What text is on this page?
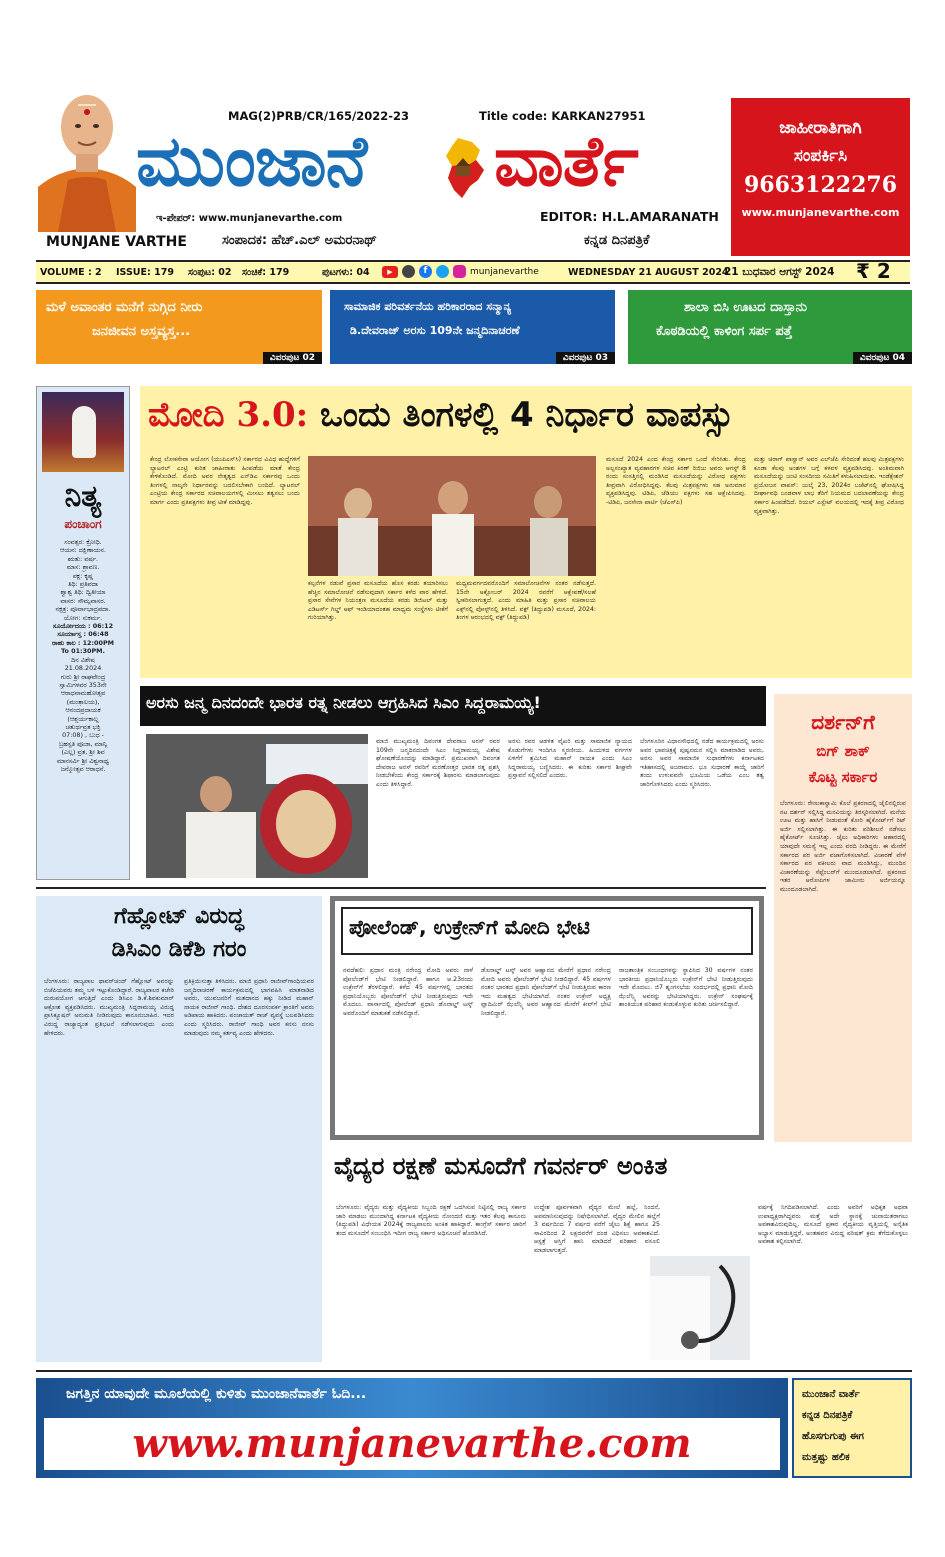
MUNJANE VARTHE
MAG(2)PRB/CR/165/2022-23	Title code: KARKAN27951
ಮುಂಜಾನೆ ವಾರ್ತೆ
ಇ-ಪೇಪರ್: www.munjanevarthe.com	EDITOR: H.L.AMARANATH
ಸಂಪಾದಕ: ಹೆಚ್.ಎಲ್ ಅಮರನಾಥ್	ಕನ್ನಡ ದಿನಪತ್ರಿಕೆ
ಜಾಹೀರಾತಿಗಾಗಿ
ಸಂಪರ್ಕಿಸಿ
9663122276
www.munjanevarthe.com
VOLUME : 2 ISSUE: 179 ಸಂಪುಟ: 02 ಸಂಚಿಕೆ: 179	ಪುಟಗಳು: 04	▶	f	munjanevarthe	WEDNESDAY 21 AUGUST 2024
21 ಬುಧವಾರ ಆಗಸ್ಟ್ 2024 ₹ 2
ಮಳೆ ಅವಾಂತರ ಮನೆಗೆ ನುಗ್ಗಿದ ನೀರು
ಜನಜೀವನ ಅಸ್ತವ್ಯಸ್ತ...
ವಿವರಪುಟ 02
ಸಾಮಾಜಿಕ ಪರಿವರ್ತನೆಯ ಹರಿಕಾರರಾದ ಸನ್ಮಾನ್ಯ
ಡಿ.ದೇವರಾಜ್ ಅರಸು 109ನೇ ಜನ್ಮದಿನಾಚರಣೆ
ವಿವರಪುಟ 03
ಶಾಲಾ ಬಿಸಿ ಊಟದ ದಾಸ್ತಾನು
ಕೊಠಡಿಯಲ್ಲಿ ಕಾಳಿಂಗ ಸರ್ಪ ಪತ್ತೆ
ವಿವರಪುಟ 04
ನಿತ್ಯ
ಪಂಚಾಂಗ
ಸಂವತ್ಸರ: ಕ್ರೋಧಿ.
ಆಯನ: ದಕ್ಷಿಣಾಯನ.
ಋತು: ವರ್ಷ.
ಮಾಸ: ಶ್ರಾವಣ.
ಪಕ್ಷ: ಕೃಷ್ಣ
ತಿಥಿ: ಪ್ರತಿಪದಾ
ಶ್ವಾಶ್ವ ತಿಥಿ: ದ್ವಿತೀಯಾ
ವಾಸರ: ಸೌಮ್ಯವಾಸರ.
ನಕ್ಷತ್ರ: ಪೂರ್ವಾಭಾದ್ರಪದಾ.
ಯೋಗ: ಸುಕರ್ಮ.
ಸೂರ್ಯೋದಯ : 06:12
ಸೂರ್ಯಾಸ್ತ : 06:48
ರಾಹು ಕಾಲ : 12:00PM
To 01:30PM.
ದಿನ ವಿಶೇಷ
21.08.2024
ಗುರು ಶ್ರೀ ರಾಘವೇಂದ್ರ
ಸ್ವಾಮಿಗಳವರ 353ನೇ
ಆರಾಧನಾಮಹೋತ್ಸವ
(ಮಂತ್ರಾಲಯ),
ಆನಂದಪ್ರದಾಯಕ
(ಆಶ್ಚರ್ಯಕಾಲ್ನ
ಚತುರ್ಥವ್ರತ ಭಕ್ತಿ
07:08) , ಬುಧ -
ಬ್ರಹಸ್ಪತಿ ಪೂಜಾ, ಮಾನ್ಯಿ
(ಎಲ್ಲ) ವ್ರತ, ಶ್ರೀ ಶಿವ
ಮಾನಸರ್ವಿ ಶ್ರೀ ವಿಶ್ವನಾಥ್ವ
ಜನ್ಮೋತ್ಸವ ಆರಾಧನೆ.
ಮೋದಿ 3.0: ಒಂದು ತಿಂಗಳಲ್ಲಿ 4 ನಿರ್ಧಾರ ವಾಪಸ್ಸು
ಕೇಂದ್ರ ಲೋಕಸೇವಾ ಆಯೋಗ (ಯುಪಿಎಸ್‌ಸಿ) ಸರ್ಕಾರದ ವಿವಿಧ ಹುದ್ದೆಗಳಿಗೆ ಲ್ಯಾಟರಲ್ ಎಂಟ್ರಿ ಕುರಿತ ಜಾಹೀರಾತು ಹಿಂಪಡೆಯ ಮಾತೆ ಕೇಂದ್ರ ಕೇಳಿಕೊಂಡಿದೆ. ಮೋದಿ ಅವರ ನೇತೃತ್ವದ ಎನ್‌ಡಿಎ ಸರ್ಕಾರವು ಒಂದು ತಿಂಗಳಲ್ಲಿ ನಾಲ್ಕನೇ ನಿರ್ಧಾರವನ್ನು ಬದಲಿಸಬೇಕಾಗಿ ಬಂದಿದೆ. ಲ್ಯಾಟರಲ್ ಎಂಟ್ರಿಯ ಕೇಂದ್ರ ಸರ್ಕಾರದ ಸಚಿವಾಲಯಗಳಲ್ಲಿ ಮೀಸಲು ತತ್ವಸಲು ಬಂದು ಮಾರ್ಗ ಎಂದು ಪ್ರತಿಪಕ್ಷಗಳು ತೀವ್ರ ಟೀಕೆ ಮಾಡಿದ್ದವು.
ಕಲ್ಪನೆಗಳ ನಡುವೆ ಪ್ರಸಾರ ಮಸೂದೆಯ ಹೊಸ ಕರಡು ತಯಾರಿಸಲು ಹೆಚ್ಚಿನ ಸಮಾಲೋಚನೆ ನಡೆಸುವುದಾಗಿ ಸರ್ಕಾರ ಕಳೆದ ವಾರ ಹೇಳಿದೆ. ಪ್ರಸಾರ ಸೇವೆಗಳ ನಿಯಂತ್ರಣ ಮಸೂದೆಯ ಕರಡು ಡಿಜಿಟಲ್ ಮತ್ತು ಎಡಿಟರ್ಸ್ ಗಿಲ್ಡ್ ಆಫ್ ಇಂಡಿಯಾದಂತಹ ಮಾಧ್ಯಮ ಸಂಸ್ಥೆಗಳು ಟೀಕೆಗೆ ಗುರಿಯಾಗಿತ್ತು.
ಮಧ್ಯಮವರ್ಗದವರೊಂದಿಗೆ ಸಮಾಲೋಚನೆಗಳ ನಂತರ ನಡೆಸುತ್ತದೆ. 15ನೇ ಅಕ್ಟೋಬರ್ 2024 ರವರೆಗೆ ಆಕ್ಷೇಪಣೆ/ಸಲಹೆ ಸ್ವೀಕರಿಸಲಾಗುತ್ತದೆ. ಎಂದು ಮಾಹಿತಿ ಮತ್ತು ಪ್ರಸಾರ ಸಚಿವಾಲಯ ಎಕ್ಸ್‌ನಲ್ಲಿ ಪೋಸ್ಟ್‌ನಲ್ಲಿ ತಿಳಿಸಿದೆ. ವಕ್ಫ್ (ತಿದ್ದುಪಡಿ) ಮಸೂದೆ, 2024: ತಿಂಗಳ ಆರಂಭದಲ್ಲಿ ವಕ್ಫ್ (ತಿದ್ದುಪಡಿ)
ಮಸೂದೆ 2024 ಎಂದ ಕೇಂದ್ರ ಸರ್ಕಾರ ಒಂದೆ ಸೇರಿಸಿತು. ಕೇಂದ್ರ ಅಲ್ಪಸಂಖ್ಯಾತ ವ್ಯವಹಾರಗಳ ಸಚಿವ ಕಿರಣ್ ರಿಜಿಜು ಅವರು ಆಗಸ್ಟ್ 8 ರಂದು ಸಂಸತ್ತಿನಲ್ಲಿ ಮಂಡಿಸಿದ ಮಸೂದೆಯನ್ನು ವಿರೋಧ ಪಕ್ಷಗಳು ತೀವ್ರವಾಗಿ ವಿರೋಧಿಸಿದ್ದವು. ಕೆಲವು ಮಿತ್ರಪಕ್ಷಗಳು ಸಹ ಅನುಮಾನ ವ್ಯಕ್ತಪಡಿಸಿದ್ದವು. ಟಿಡಿಪಿ, ಜೆಡಿಯು ಪಕ್ಷಗಳು ಸಹ ಆಕ್ಷೇಪಿಸಿದವು. -ಟಿಡಿಪಿ, ಜನಸೇನಾ ಪಾರ್ಟಿ (ಜೆಎಸ್‌ಪಿ)
ಮತ್ತು ಚಿರಾಗ್ ಪಾಸ್ವಾನ್ ಅವರ ಎಲ್‌ಜೆಪಿ ಸೇರಿದಂತೆ ಹಲವು ಮಿತ್ರಪಕ್ಷಗಳು ಕೂಡಾ ಕೆಲವು ಅಂಶಗಳ ಬಗ್ಗೆ ಕಳವಳ ವ್ಯಕ್ತಪಡಿಸಿದವು. ಅಂತಿಮವಾಗಿ ಮಸೂದೆಯನ್ನು ಜಂಟಿ ಸಂಸದೀಯ ಸಮಿತಿಗೆ ಕಳುಹಿಸಲಾಯಿತು. ಇಂಡೆಕ್ಸೇಶನ್ ಪ್ರಯೋಜನ ವಾಪಸ್: ಜುಲೈ 23, 2024ರ ಬಜೆಟ್‌ನಲ್ಲಿ ಘೋಷಿಸಿದ್ದ ದೀರ್ಘಾವಧಿ ಬಂಡವಾಳ ಲಾಭ ತೆರಿಗೆ ನಿಯಮದ ಬದಲಾವಣೆಯನ್ನು ಕೇಂದ್ರ ಸರ್ಕಾರ ಹಿಂಪಡೆದಿದೆ. ರಿಯಲ್ ಎಸ್ಟೇಟ್ ವಲಯದಲ್ಲಿ ಇದಕ್ಕೆ ತೀವ್ರ ವಿರೋಧ ವ್ಯಕ್ತವಾಗಿತ್ತು.
ಅರಸು ಜನ್ಮ ದಿನದಂದೇ ಭಾರತ ರತ್ನ ನೀಡಲು ಆಗ್ರಹಿಸಿದ ಸಿಎಂ ಸಿದ್ದರಾಮಯ್ಯ!
ಮಾಜಿ ಮುಖ್ಯಮಂತ್ರಿ ದಿವಂಗತ ದೇವರಾಜ ಅರಸ್ ರವರ 109ನೇ ಜನ್ಮದಿನದಂದೇ ಸಿಎಂ ಸಿದ್ದರಾಮಯ್ಯ ವಿಶೇಷ ಘೋಷಣೆಯೊಂದನ್ನು ಮಾಡಿದ್ದಾರೆ. ಪ್ರಮುಖವಾಗಿ ದಿವಂಗತ ದೇವರಾಜ ಅರಸ್ ರವರಿಗೆ ಮರಣೋತ್ತರ ಭಾರತ ರತ್ನ ಪ್ರಶಸ್ತಿ ನೀಡಬೇಕೆಂದು ಕೇಂದ್ರ ಸರ್ಕಾರಕ್ಕೆ ಶಿಫಾರಸು ಮಾಡಲಾಗುವುದು ಎಂದು ತಿಳಿಸಿದ್ದಾರೆ.
ಅರಸು ರವರ ಆಡಳಿತ ವೈಖರಿ ಮತ್ತು ಸಾಮಾಜಿಕ ನ್ಯಾಯದ ಕೊಡುಗೆಗಳು ಇಂದಿಗೂ ಸ್ಮರಣೀಯ. ಹಿಂದುಳಿದ ವರ್ಗಗಳ ಏಳಿಗೆಗೆ ಶ್ರಮಿಸಿದ ಮಹಾನ್ ನಾಯಕ ಎಂದು ಸಿಎಂ ಸಿದ್ದರಾಮಯ್ಯ ಬಣ್ಣಿಸಿದರು. ಈ ಕುರಿತು ಸರ್ಕಾರ ಶೀಘ್ರವೇ ಪ್ರಸ್ತಾವನೆ ಸಲ್ಲಿಸಲಿದೆ ಎಂದರು.
ಬೆಂಗಳೂರಿನ ವಿಧಾನಸೌಧದಲ್ಲಿ ನಡೆದ ಕಾರ್ಯಕ್ರಮದಲ್ಲಿ ಅರಸು ಅವರ ಭಾವಚಿತ್ರಕ್ಕೆ ಪುಷ್ಪನಮನ ಸಲ್ಲಿಸಿ ಮಾತನಾಡಿದ ಅವರು, ಅರಸು ಅವರ ಸಾಮಾಜಿಕ ಸುಧಾರಣೆಗಳು ಕರ್ನಾಟಕದ ಇತಿಹಾಸದಲ್ಲಿ ಅಜರಾಮರ. ಭೂ ಸುಧಾರಣೆ ಕಾಯ್ದೆ ಜಾರಿಗೆ ತಂದು ಉಳುವವನೇ ಭೂಮಿಯ ಒಡೆಯ ಎಂಬ ತತ್ವ ಜಾರಿಗೊಳಿಸಿದರು ಎಂದು ಸ್ಮರಿಸಿದರು.
ದರ್ಶನ್‌ಗೆ
ಬಿಗ್ ಶಾಕ್
ಕೊಟ್ಟ ಸರ್ಕಾರ
ಬೆಂಗಳೂರು: ರೇಣುಕಾಸ್ವಾಮಿ ಕೊಲೆ ಪ್ರಕರಣದಲ್ಲಿ ಜೈಲಿನಲ್ಲಿರುವ ನಟ ದರ್ಶನ್ ಸಲ್ಲಿಸಿದ್ದ ಮನವಿಯನ್ನು ತಿರಸ್ಕರಿಸಲಾಗಿದೆ. ಮನೆಯ ಊಟ ಮತ್ತು ಹಾಸಿಗೆ ನೀಡುವಂತೆ ಕೋರಿ ಹೈಕೋರ್ಟ್‌ಗೆ ರಿಟ್ ಅರ್ಜಿ ಸಲ್ಲಿಸಲಾಗಿತ್ತು. ಈ ಕುರಿತು ಪರಿಶೀಲನೆ ನಡೆಸಲು ಹೈಕೋರ್ಟ್ ಸೂಚಿಸಿತ್ತು. ಜೈಲು ಅಧಿಕಾರಿಗಳು ಆಹಾರದಲ್ಲಿ ಯಾವುದೇ ಸಮಸ್ಯೆ ಇಲ್ಲ ಎಂದು ವರದಿ ನೀಡಿದ್ದರು. ಈ ಮೇರೆಗೆ ಸರ್ಕಾರದ ಪರ ಅರ್ಜಿ ವಜಾಗೊಳಿಸಲಾಗಿದೆ. ವಿಚಾರಣೆ ವೇಳೆ ಸರ್ಕಾರದ ಪರ ವಕೀಲರು ವಾದ ಮಂಡಿಸಿದ್ದು, ಮುಂದಿನ ವಿಚಾರಣೆಯನ್ನು ಸೆಪ್ಟೆಂಬರ್‌ಗೆ ಮುಂದೂಡಲಾಗಿದೆ. ಪ್ರಕರಣದ ಇತರ ಆರೋಪಿಗಳ ಜಾಮೀನು ಅರ್ಜಿಯನ್ನೂ ಮುಂದೂಡಲಾಗಿದೆ.
ಗೆಹ್ಲೋಟ್ ವಿರುದ್ಧ
ಡಿಸಿಎಂ ಡಿಕೆಶಿ ಗರಂ
ಬೆಂಗಳೂರು: ರಾಜ್ಯಪಾಲ ಥಾವರ್‌ಚಂದ್ ಗೆಹ್ಲೋಟ್ ಅವರನ್ನು ಬಿಜೆಪಿಯವರು ತಮ್ಮ ಬಳಿ ಇಟ್ಟುಕೊಂಡಿದ್ದಾರೆ. ರಾಜ್ಯಪಾಲರ ಕಚೇರಿ ದುರುಪಯೋಗ ಆಗುತ್ತಿದೆ ಎಂದು ಡಿಸಿಎಂ ಡಿ.ಕೆ.ಶಿವಕುಮಾರ್ ಆಕ್ರೋಶ ವ್ಯಕ್ತಪಡಿಸಿದರು. ಮುಖ್ಯಮಂತ್ರಿ ಸಿದ್ದರಾಮಯ್ಯ ವಿರುದ್ಧ ಪ್ರಾಸಿಕ್ಯೂಷನ್ ಅನುಮತಿ ನೀಡಿರುವುದು ಕಾನೂನುಬಾಹಿರ. ಇದರ ವಿರುದ್ಧ ರಾಜ್ಯಾದ್ಯಂತ ಪ್ರತಿಭಟನೆ ನಡೆಸಲಾಗುವುದು ಎಂದು ಹೇಳಿದರು.
ಪ್ರತಿಕ್ರಿಯಿಸುತ್ತಾ ತಿಳಿಸಿದರು. ಮಾಜಿ ಪ್ರಧಾನಿ ರಾಜೀವ್‌ಗಾಂಧಿಯವರ ಜನ್ಮದಿನಾಚರಣೆ ಕಾರ್ಯಕ್ರಮದಲ್ಲಿ ಭಾಗವಹಿಸಿ ಮಾತನಾಡಿದ ಅವರು, ಯುವಜನರಿಗೆ ಮತದಾನದ ಹಕ್ಕು ನೀಡಿದ ಮಹಾನ್ ನಾಯಕ ರಾಜೀವ್ ಗಾಂಧಿ. ದೇಶದ ದೂರಸಂಪರ್ಕ ಕ್ರಾಂತಿಗೆ ಅವರು ಅಡಿಪಾಯ ಹಾಕಿದರು. ಪಂಚಾಯತ್ ರಾಜ್ ವ್ಯವಸ್ಥೆ ಬಲಪಡಿಸಿದರು ಎಂದು ಸ್ಮರಿಸಿದರು. ರಾಜೀವ್ ಗಾಂಧಿ ಅವರ ಕನಸು ನನಸು ಮಾಡುವುದು ನಮ್ಮ ಕರ್ತವ್ಯ ಎಂದು ಹೇಳಿದರು.
ಪೋಲೆಂಡ್, ಉಕ್ರೇನ್‌ಗೆ ಮೋದಿ ಭೇಟಿ
ನವದೆಹಲಿ: ಪ್ರಧಾನ ಮಂತ್ರಿ ನರೇಂದ್ರ ಮೋದಿ ಅವರು ನಾಳೆ ಪೋಲೆಂಡ್‌ಗೆ ಭೇಟಿ ನೀಡಲಿದ್ದಾರೆ. ಹಾಗೂ ಆ.23ರಂದು ಉಕ್ರೇನ್‌ಗೆ ತೆರಳಲಿದ್ದಾರೆ. ಕಳೆದ 45 ವರ್ಷಗಳಲ್ಲಿ ಭಾರತದ ಪ್ರಧಾನಿಯೊಬ್ಬರು ಪೋಲೆಂಡ್‌ಗೆ ಭೇಟಿ ನೀಡುತ್ತಿರುವುದು ಇದೇ ಮೊದಲು. ವಾರ್ಸಾದಲ್ಲಿ ಪೋಲೆಂಡ್ ಪ್ರಧಾನಿ ಡೊನಾಲ್ಡ್ ಟಸ್ಕ್ ಅವರೊಂದಿಗೆ ಮಾತುಕತೆ ನಡೆಸಲಿದ್ದಾರೆ.
ಡೊನಾಲ್ಡ್ ಟಸ್ಕ್ ಅವರ ಆಹ್ವಾನದ ಮೇರೆಗೆ ಪ್ರಧಾನ ನರೇಂದ್ರ ಮೋದಿ ಅವರು ಪೋಲೆಂಡ್‌ಗೆ ಭೇಟಿ ನೀಡಲಿದ್ದಾರೆ. 45 ವರ್ಷಗಳ ನಂತರ ಭಾರತದ ಪ್ರಧಾನಿ ಪೋಲೆಂಡ್‌ಗೆ ಭೇಟಿ ನೀಡುತ್ತಿರುವ ಕಾರಣ ಇದು ಮಹತ್ವದ ಭೇಟಿಯಾಗಿದೆ. ನಂತರ ಉಕ್ರೇನ್ ಅಧ್ಯಕ್ಷ ವ್ಲಾದಿಮಿರ್ ಝೆಲೆನ್ಸ್ಕಿ ಅವರ ಆಹ್ವಾನದ ಮೇರೆಗೆ ಕೀವ್‌ಗೆ ಭೇಟಿ ನೀಡಲಿದ್ದಾರೆ.
ರಾಜತಾಂತ್ರಿಕ ಸಂಬಂಧಗಳನ್ನು ಸ್ಥಾಪಿಸಿದ 30 ವರ್ಷಗಳ ನಂತರ ಭಾರತೀಯ ಪ್ರಧಾನಿಯೊಬ್ಬರು ಉಕ್ರೇನ್‌ಗೆ ಭೇಟಿ ನೀಡುತ್ತಿರುವುದು ಇದೇ ಮೊದಲು. ಜಿ7 ಶೃಂಗಸಭೆಯ ಸಂದರ್ಭದಲ್ಲಿ ಪ್ರಧಾನಿ ಮೋದಿ ಝೆಲೆನ್ಸ್ಕಿ ಅವರನ್ನು ಭೇಟಿಯಾಗಿದ್ದರು. ಉಕ್ರೇನ್ ಸಂಘರ್ಷಕ್ಕೆ ಶಾಂತಿಯುತ ಪರಿಹಾರ ಕಂಡುಕೊಳ್ಳುವ ಕುರಿತು ಚರ್ಚಿಸಲಿದ್ದಾರೆ.
ವೈದ್ಯರ ರಕ್ಷಣೆ ಮಸೂದೆಗೆ ಗವರ್ನರ್ ಅಂಕಿತ
ಬೆಂಗಳೂರು: ವೈದ್ಯರು ಮತ್ತು ವೈದ್ಯಕೀಯ ಸಿಬ್ಬಂದಿ ರಕ್ಷಣೆ ಒದಗಿಸುವ ನಿಟ್ಟಿನಲ್ಲಿ ರಾಜ್ಯ ಸರ್ಕಾರ ಜಾರಿ ಮಾಡಲು ಮುಂದಾಗಿದ್ದ ಕರ್ನಾಟಕ ವೈದ್ಯಕೀಯ ನೋಂದಣಿ ಮತ್ತು ಇತರ ಕೆಲವು ಕಾನೂನು (ತಿದ್ದುಪಡಿ) ವಿಧೇಯಕ 2024ಕ್ಕೆ ರಾಜ್ಯಪಾಲರು ಅಂಕಿತ ಹಾಕಿದ್ದಾರೆ. ಕಾಂಗ್ರೆಸ್ ಸರ್ಕಾರ ಜಾರಿಗೆ ತಂದ ಮಸೂದೆಗೆ ಸಂಬಂಧಿಸಿ ಇದೀಗ ರಾಜ್ಯ ಸರ್ಕಾರ ಅಧಿಸೂಚನೆ ಹೊರಡಿಸಿದೆ.
ಉದ್ದೇಶ ಪೂರ್ವಕವಾಗಿ ವೈದ್ಯರ ಮೇಲೆ ಹಲ್ಲೆ, ನಿಂದನೆ, ಅವಮಾನಿಸುವುದನ್ನು ನಿಷೇಧಿಸಲಾಗಿದೆ. ವೈದ್ಯರ ಮೇಲಿನ ಹಲ್ಲೆಗೆ 3 ವರ್ಷದಿಂದ 7 ವರ್ಷದ ವರೆಗೆ ಜೈಲು ಶಿಕ್ಷೆ ಹಾಗೂ 25 ಸಾವಿರದಿಂದ 2 ಲಕ್ಷದವರೆಗೆ ದಂಡ ವಿಧಿಸಲು ಅವಕಾಶವಿದೆ. ಆಸ್ಪತ್ರೆ ಆಸ್ತಿಗೆ ಹಾನಿ ಮಾಡಿದರೆ ಪರಿಹಾರ ವಸೂಲಿ ಮಾಡಲಾಗುತ್ತದೆ.
ವರ್ಷಕ್ಕೆ ನಿಗದಿಪಡಿಸಲಾಗಿದೆ. ಎಂದು ಅವರಿಗೆ ಅಧಿಕೃತ ಅಥವಾ ಉಪಾಧ್ಯಕ್ಷರಾಗಿದ್ದವರು ಮತ್ತೆ ಅದೇ ಸ್ಥಾನಕ್ಕೆ ಚುನಾಯಿತರಾಗಲು ಅವಕಾಶವಿರುವುದಿಲ್ಲ. ಮಸೂದೆ ಪ್ರಕಾರ ವೈದ್ಯಕೀಯ ವೃತ್ತಿಯಲ್ಲಿ ಅನೈತಿಕ ಅಭ್ಯಾಸ ಮಾಡುತ್ತಿದ್ದರೆ, ಅಂತಹವರ ವಿರುದ್ಧ ಪರಿಷತ್ ಕ್ರಮ ತೆಗೆದುಕೊಳ್ಳಲು ಅವಕಾಶ ಕಲ್ಪಿಸಲಾಗಿದೆ.
ಜಗತ್ತಿನ ಯಾವುದೇ ಮೂಲೆಯಲ್ಲಿ ಕುಳಿತು ಮುಂಜಾನೆವಾರ್ತೆ ಓದಿ...
www.munjanevarthe.com
ಮುಂಜಾನೆ ವಾರ್ತೆ
ಕನ್ನಡ ದಿನಪತ್ರಿಕೆ
ಹೊಸಗುಗುಪು ಈಗ
ಮತ್ತಷ್ಟು ಹಲಿಕ
